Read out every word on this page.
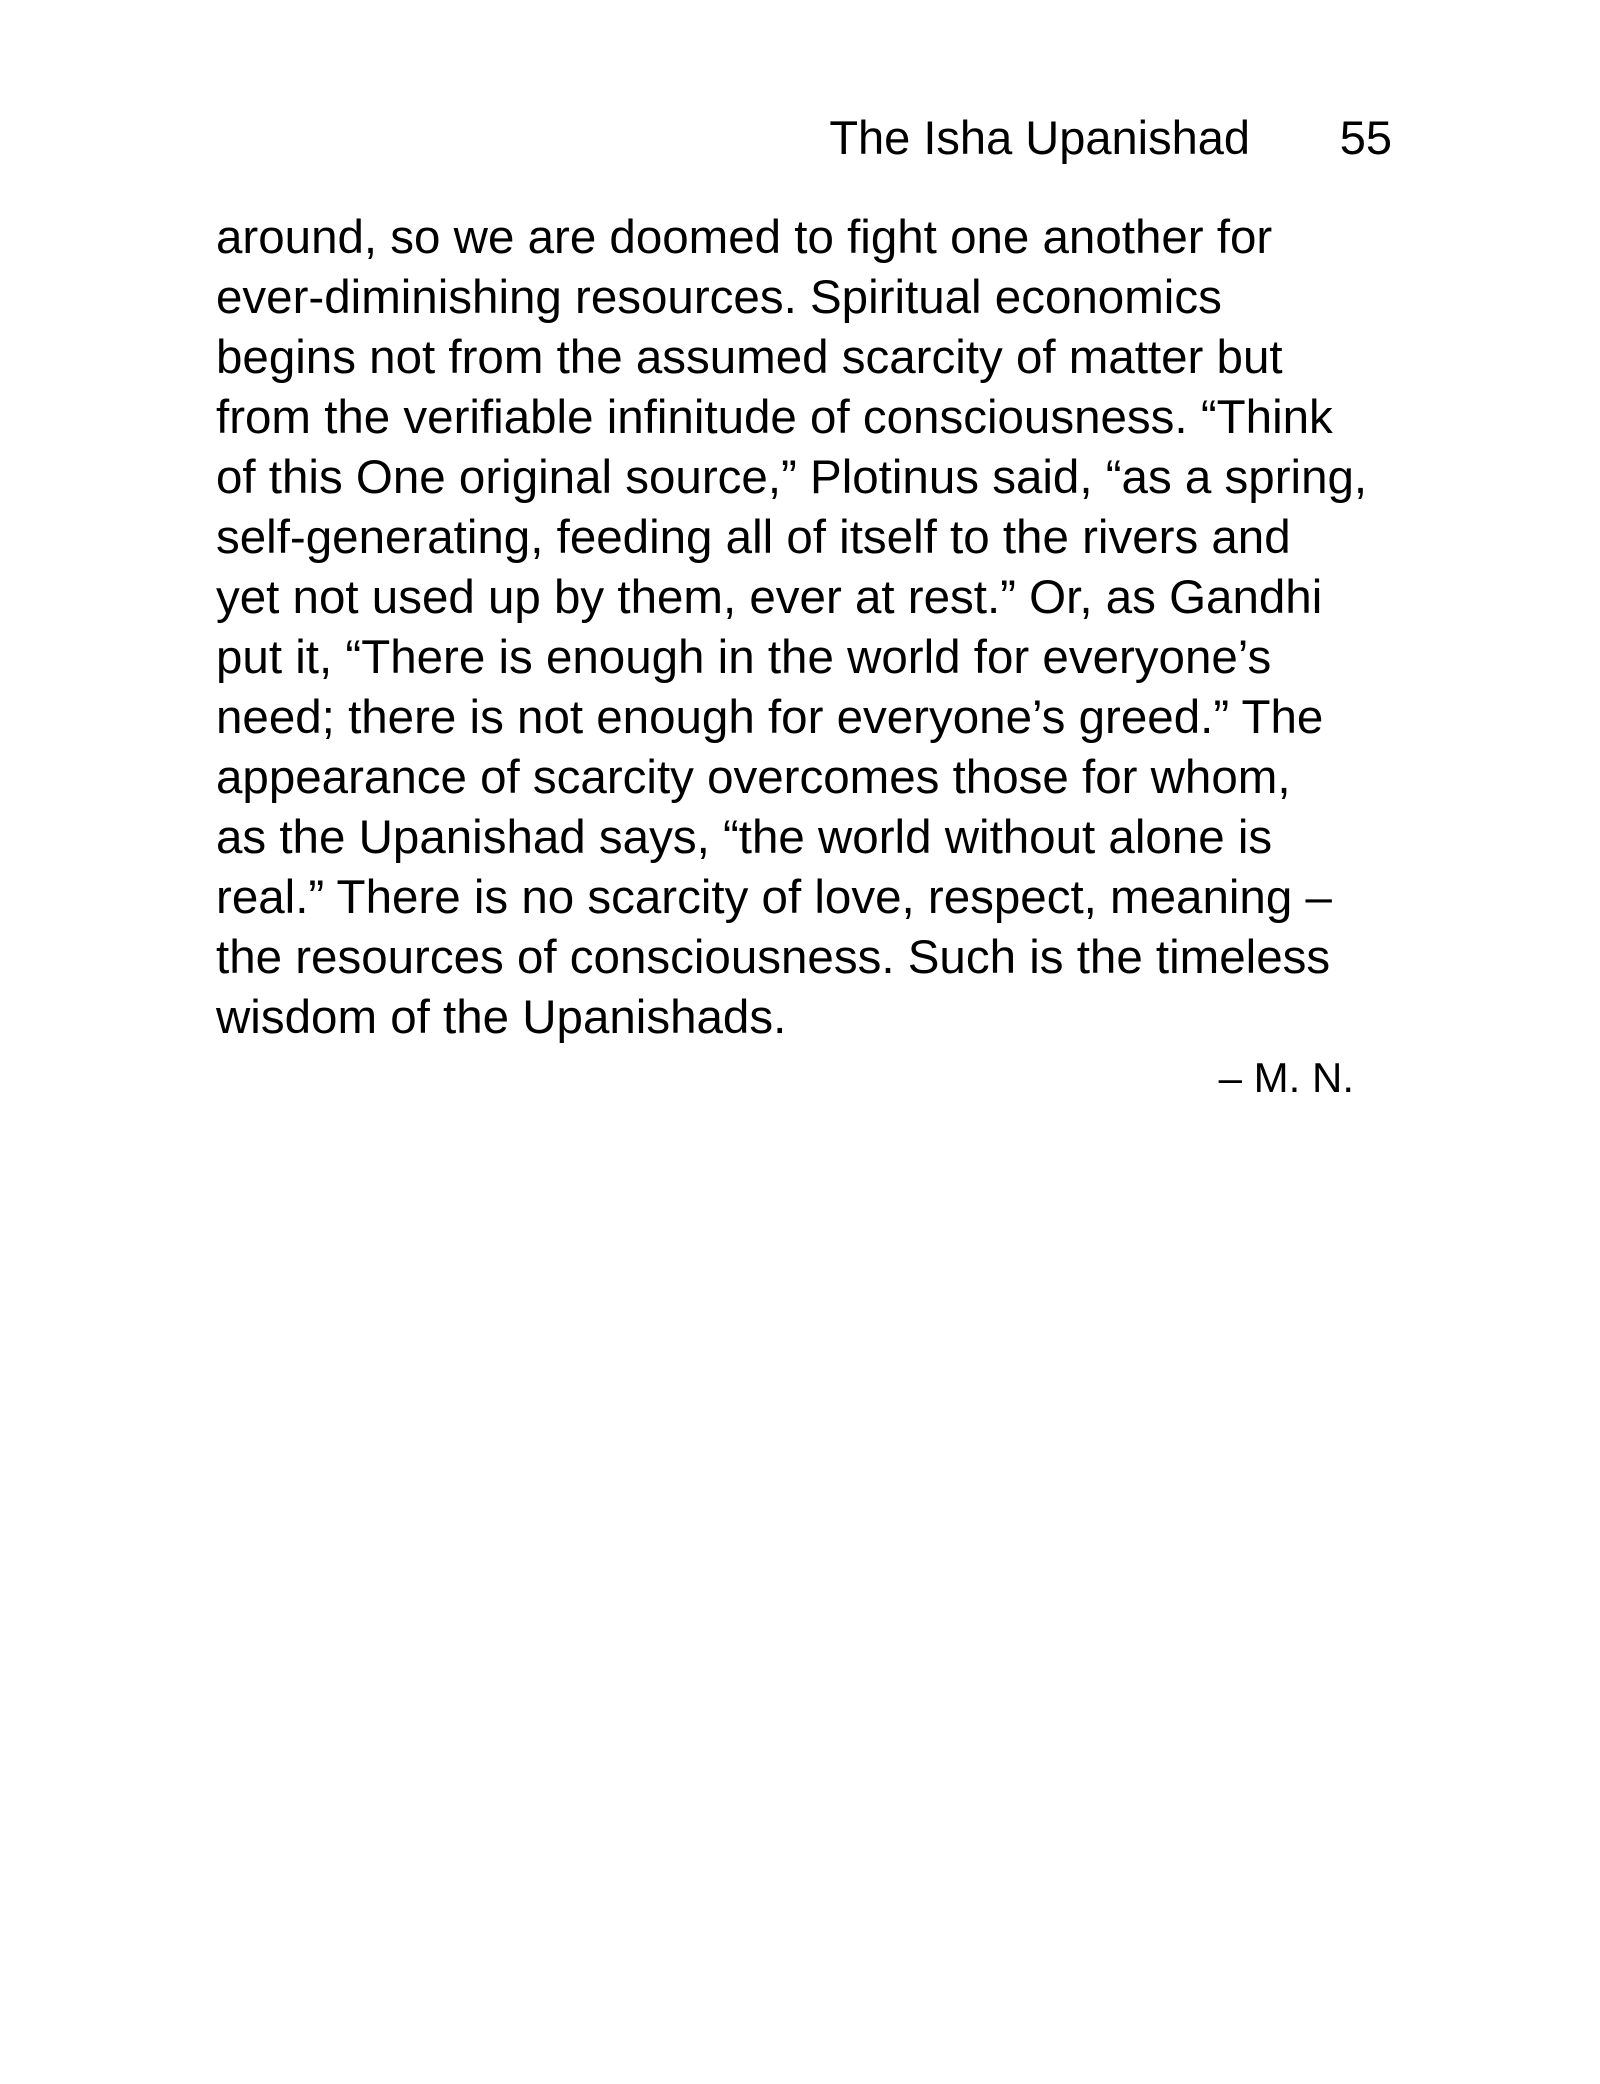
The Isha Upanishad 55
around, so we are doomed to fight one another for
ever-diminishing resources. Spiritual economics
begins not from the assumed scarcity of matter but
from the verifiable infinitude of consciousness. “Think
of this One original source,” Plotinus said, “as a spring,
self-generating, feeding all of itself to the rivers and
yet not used up by them, ever at rest.” Or, as Gandhi
put it, “There is enough in the world for everyone’s
need; there is not enough for everyone’s greed.” The
appearance of scarcity overcomes those for whom,
as the Upanishad says, “the world without alone is
real.” There is no scarcity of love, respect, meaning –
the resources of consciousness. Such is the timeless
wisdom of the Upanishads.
– M. N.
